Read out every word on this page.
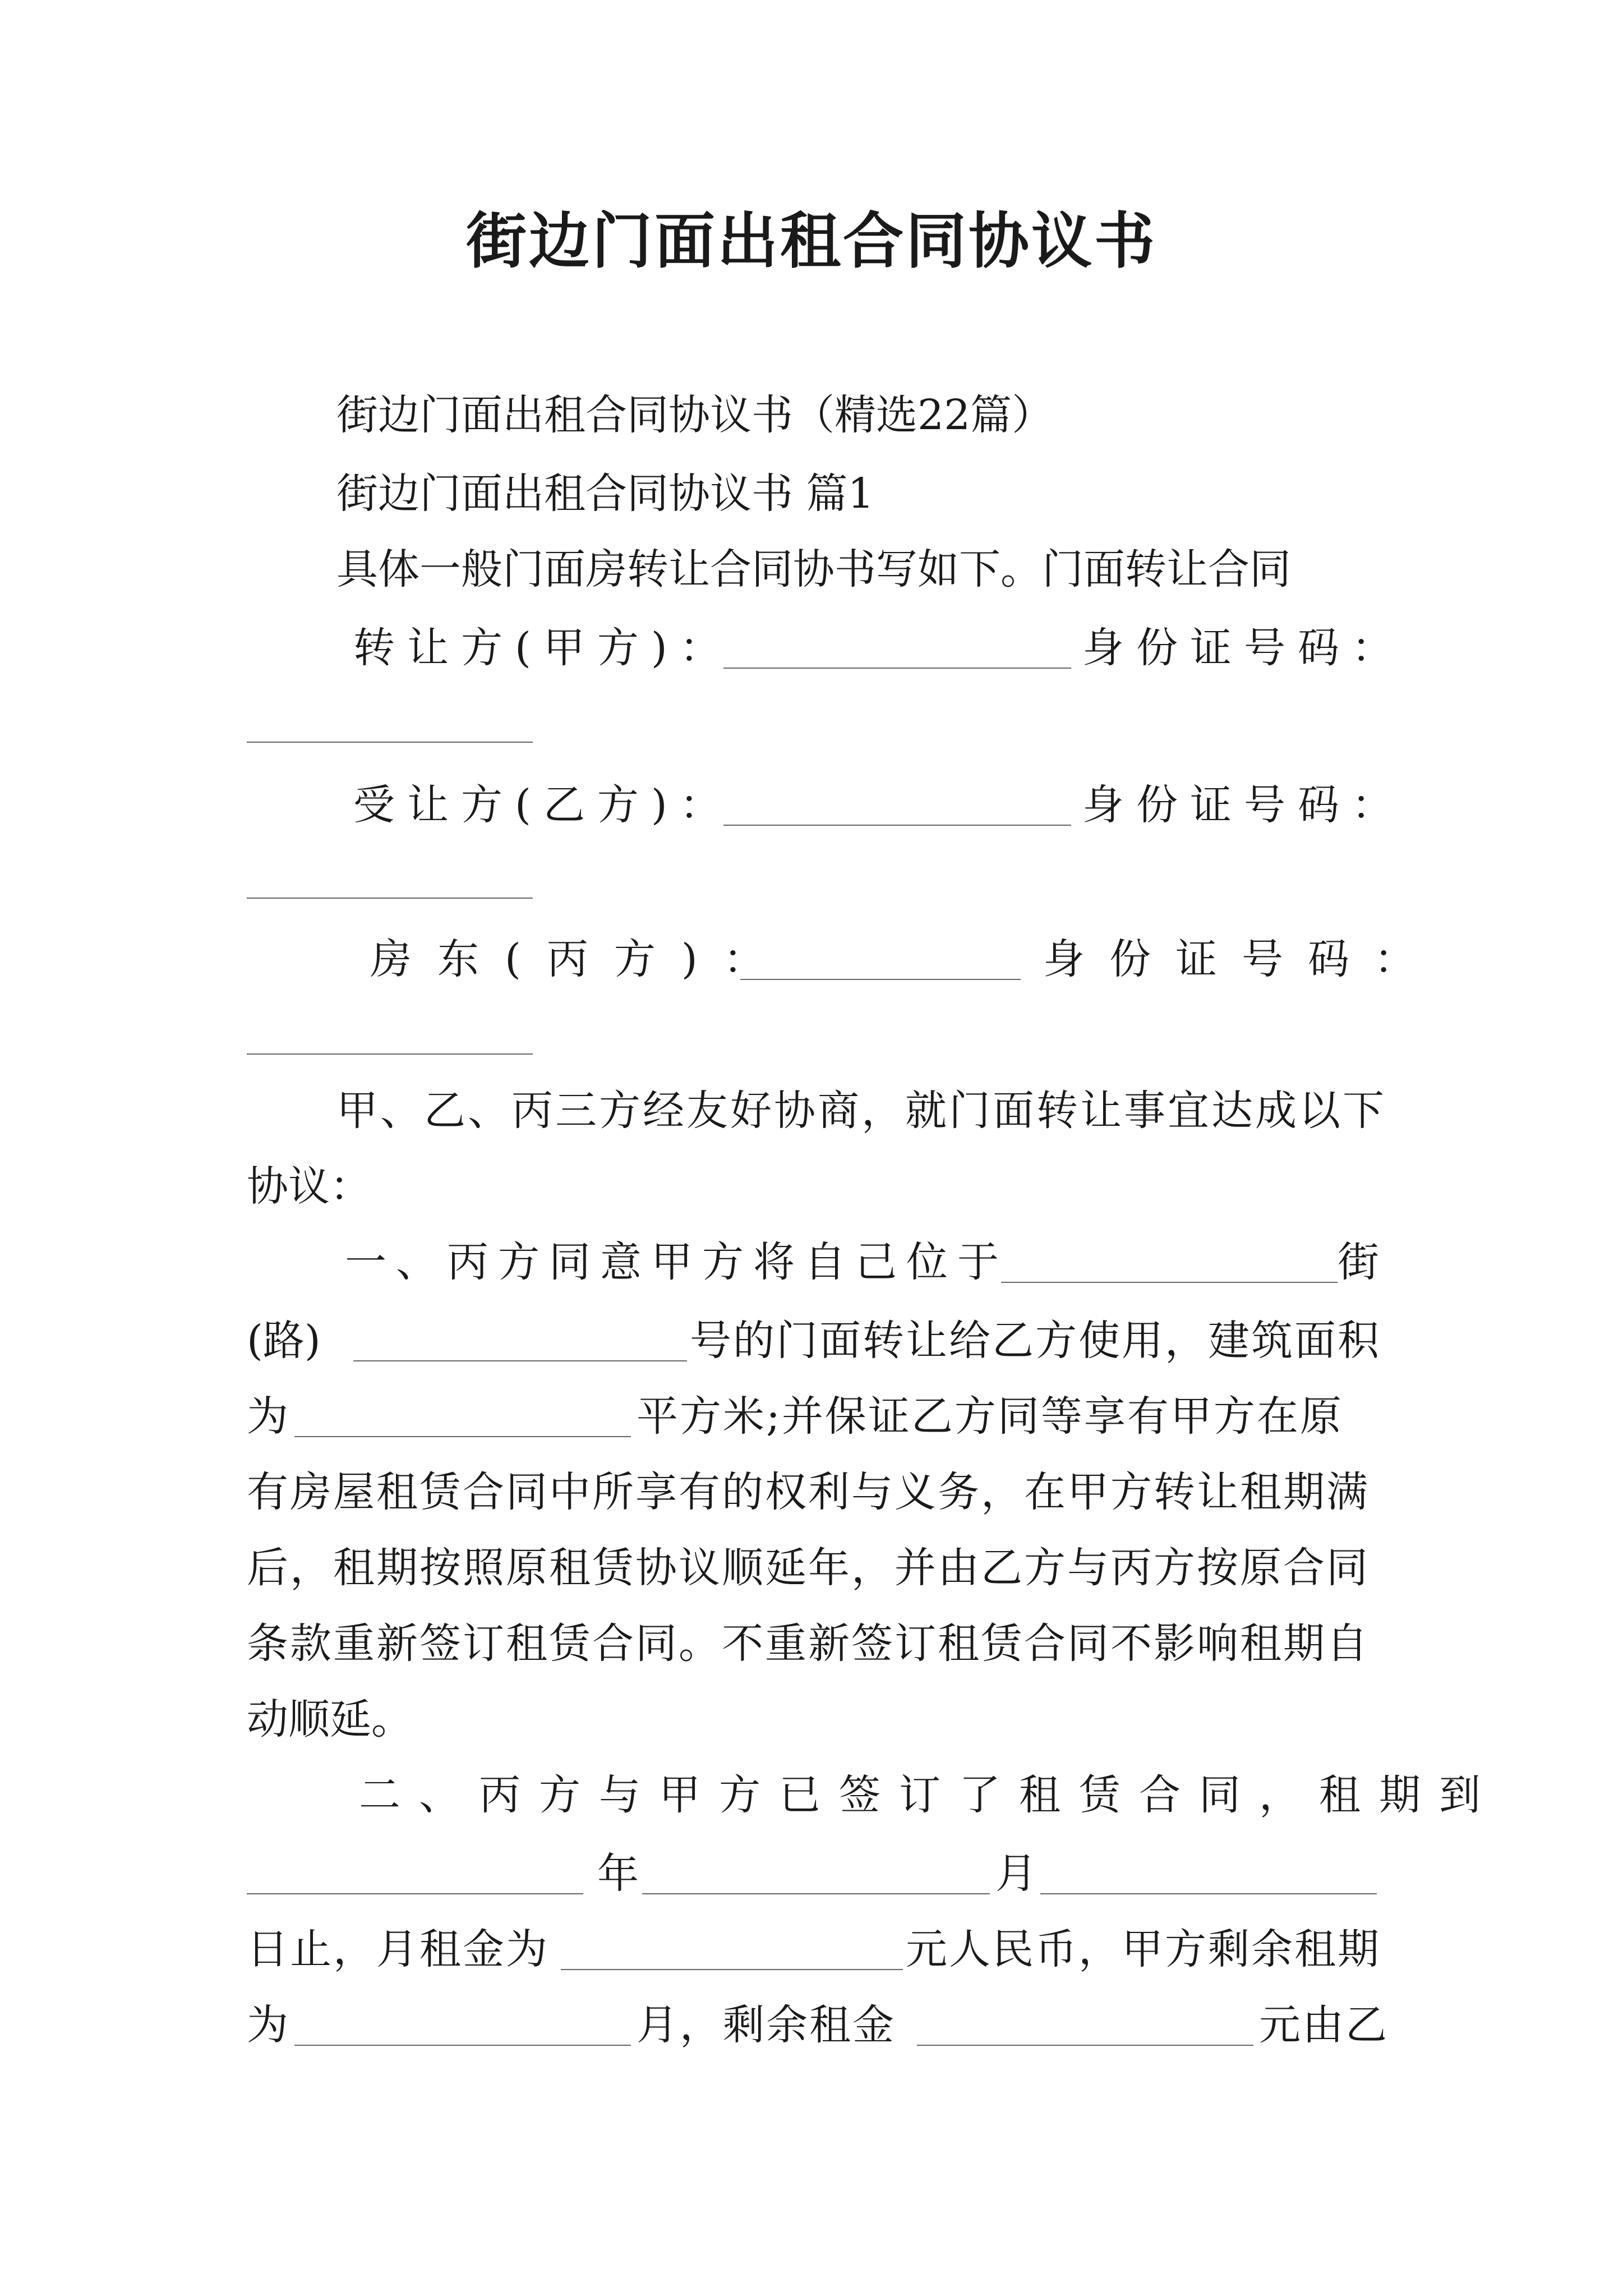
街边门面出租合同协议书
街边门面出租合同协议书（精选22篇）
街边门面出租合同协议书 篇1
具体一般门面房转让合同协书写如下。门面转让合同
转让方(甲方)：	身份证号码：
受让方(乙方)：	身份证号码：
房东(丙方)：	身份证号码：
甲、乙、丙三方经友好协商，就门面转让事宜达成以下
协议：
一、丙方同意甲方将自己位于	街
(路)	号的门面转让给乙方使用，建筑面积
为	平方米;并保证乙方同等享有甲方在原
有房屋租赁合同中所享有的权利与义务，在甲方转让租期满
后，租期按照原租赁协议顺延年，并由乙方与丙方按原合同
条款重新签订租赁合同。不重新签订租赁合同不影响租期自
动顺延。
二、丙方与甲方已签订了租赁合同，租期到
年	月
日止，月租金为	元人民币，甲方剩余租期
为	月，剩余租金	元由乙
